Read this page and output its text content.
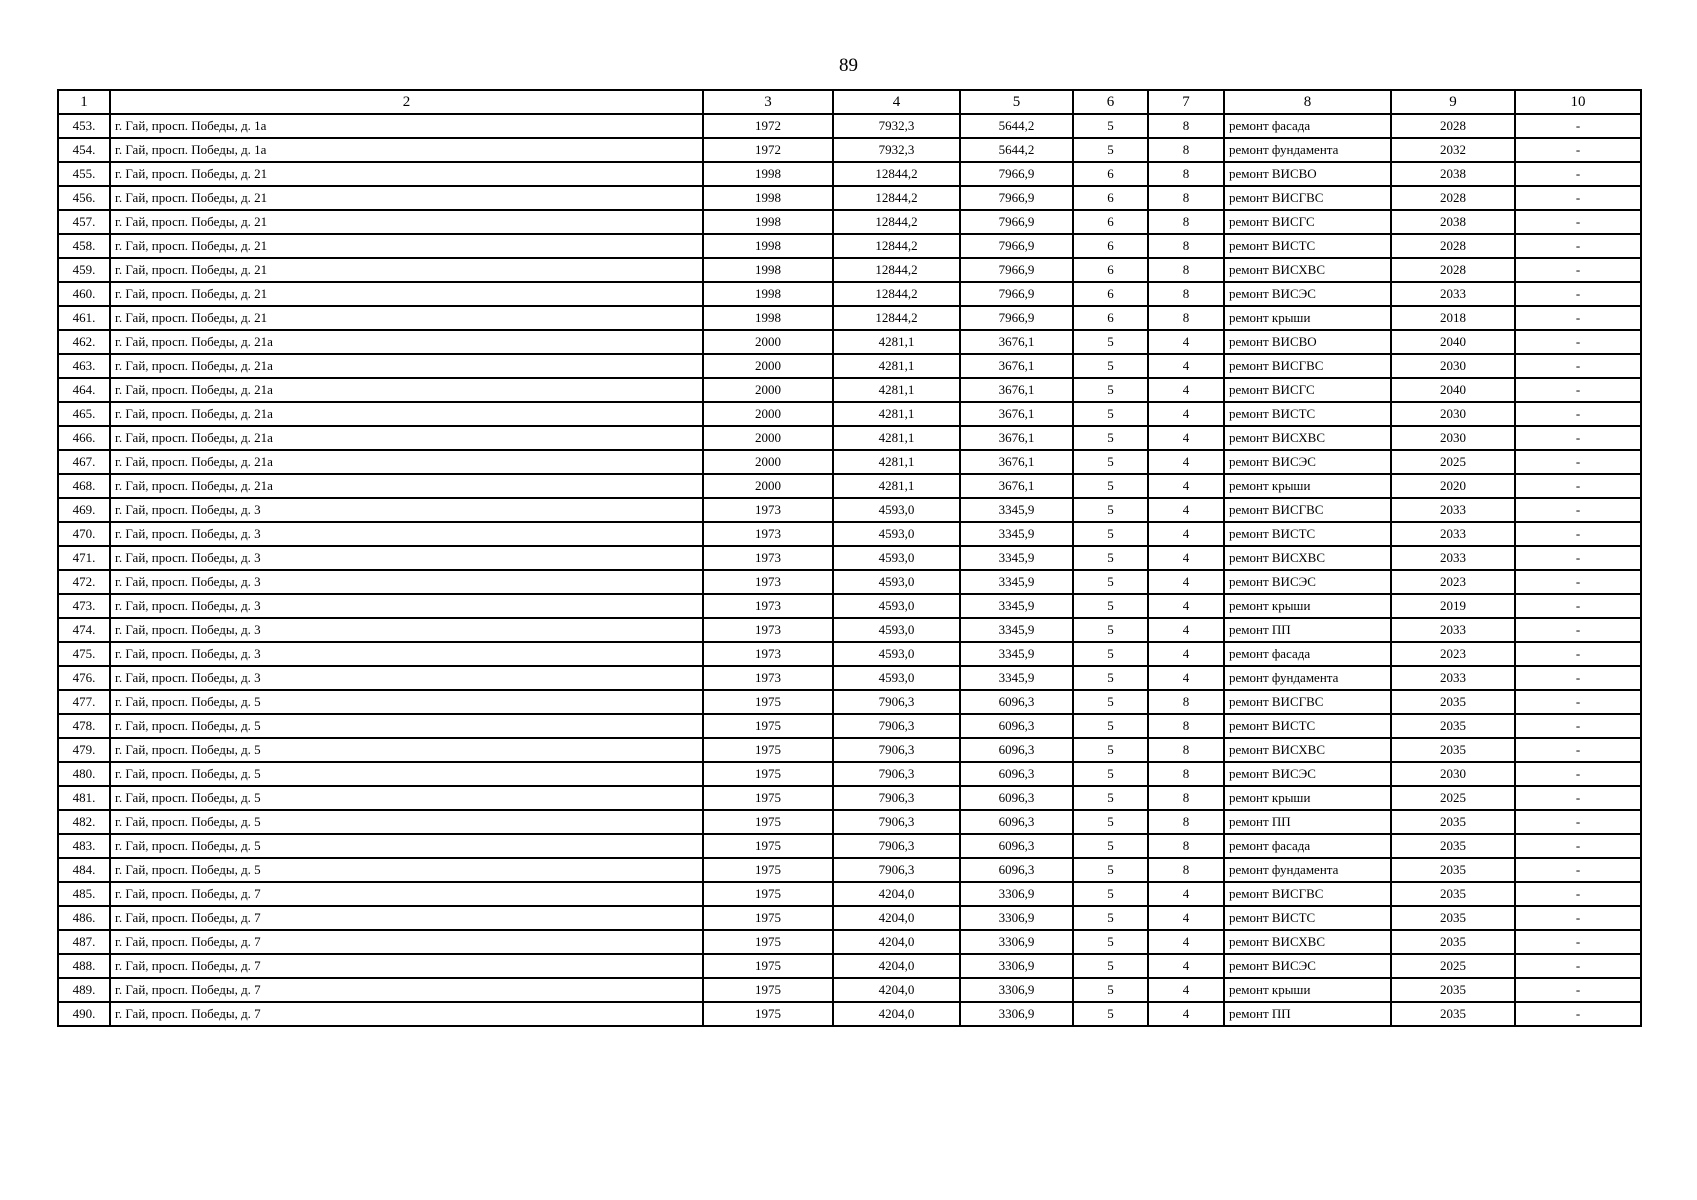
89
1	2	3	4	5	6	7	8	9	10
453.	г. Гай, просп. Победы, д. 1а	1972	7932,3	5644,2	5	8	ремонт фасада	2028	-
454.	г. Гай, просп. Победы, д. 1а	1972	7932,3	5644,2	5	8	ремонт фундамента	2032	-
455.	г. Гай, просп. Победы, д. 21	1998	12844,2	7966,9	6	8	ремонт ВИСВО	2038	-
456.	г. Гай, просп. Победы, д. 21	1998	12844,2	7966,9	6	8	ремонт ВИСГВС	2028	-
457.	г. Гай, просп. Победы, д. 21	1998	12844,2	7966,9	6	8	ремонт ВИСГС	2038	-
458.	г. Гай, просп. Победы, д. 21	1998	12844,2	7966,9	6	8	ремонт ВИСТС	2028	-
459.	г. Гай, просп. Победы, д. 21	1998	12844,2	7966,9	6	8	ремонт ВИСХВС	2028	-
460.	г. Гай, просп. Победы, д. 21	1998	12844,2	7966,9	6	8	ремонт ВИСЭС	2033	-
461.	г. Гай, просп. Победы, д. 21	1998	12844,2	7966,9	6	8	ремонт крыши	2018	-
462.	г. Гай, просп. Победы, д. 21а	2000	4281,1	3676,1	5	4	ремонт ВИСВО	2040	-
463.	г. Гай, просп. Победы, д. 21а	2000	4281,1	3676,1	5	4	ремонт ВИСГВС	2030	-
464.	г. Гай, просп. Победы, д. 21а	2000	4281,1	3676,1	5	4	ремонт ВИСГС	2040	-
465.	г. Гай, просп. Победы, д. 21а	2000	4281,1	3676,1	5	4	ремонт ВИСТС	2030	-
466.	г. Гай, просп. Победы, д. 21а	2000	4281,1	3676,1	5	4	ремонт ВИСХВС	2030	-
467.	г. Гай, просп. Победы, д. 21а	2000	4281,1	3676,1	5	4	ремонт ВИСЭС	2025	-
468.	г. Гай, просп. Победы, д. 21а	2000	4281,1	3676,1	5	4	ремонт крыши	2020	-
469.	г. Гай, просп. Победы, д. 3	1973	4593,0	3345,9	5	4	ремонт ВИСГВС	2033	-
470.	г. Гай, просп. Победы, д. 3	1973	4593,0	3345,9	5	4	ремонт ВИСТС	2033	-
471.	г. Гай, просп. Победы, д. 3	1973	4593,0	3345,9	5	4	ремонт ВИСХВС	2033	-
472.	г. Гай, просп. Победы, д. 3	1973	4593,0	3345,9	5	4	ремонт ВИСЭС	2023	-
473.	г. Гай, просп. Победы, д. 3	1973	4593,0	3345,9	5	4	ремонт крыши	2019	-
474.	г. Гай, просп. Победы, д. 3	1973	4593,0	3345,9	5	4	ремонт ПП	2033	-
475.	г. Гай, просп. Победы, д. 3	1973	4593,0	3345,9	5	4	ремонт фасада	2023	-
476.	г. Гай, просп. Победы, д. 3	1973	4593,0	3345,9	5	4	ремонт фундамента	2033	-
477.	г. Гай, просп. Победы, д. 5	1975	7906,3	6096,3	5	8	ремонт ВИСГВС	2035	-
478.	г. Гай, просп. Победы, д. 5	1975	7906,3	6096,3	5	8	ремонт ВИСТС	2035	-
479.	г. Гай, просп. Победы, д. 5	1975	7906,3	6096,3	5	8	ремонт ВИСХВС	2035	-
480.	г. Гай, просп. Победы, д. 5	1975	7906,3	6096,3	5	8	ремонт ВИСЭС	2030	-
481.	г. Гай, просп. Победы, д. 5	1975	7906,3	6096,3	5	8	ремонт крыши	2025	-
482.	г. Гай, просп. Победы, д. 5	1975	7906,3	6096,3	5	8	ремонт ПП	2035	-
483.	г. Гай, просп. Победы, д. 5	1975	7906,3	6096,3	5	8	ремонт фасада	2035	-
484.	г. Гай, просп. Победы, д. 5	1975	7906,3	6096,3	5	8	ремонт фундамента	2035	-
485.	г. Гай, просп. Победы, д. 7	1975	4204,0	3306,9	5	4	ремонт ВИСГВС	2035	-
486.	г. Гай, просп. Победы, д. 7	1975	4204,0	3306,9	5	4	ремонт ВИСТС	2035	-
487.	г. Гай, просп. Победы, д. 7	1975	4204,0	3306,9	5	4	ремонт ВИСХВС	2035	-
488.	г. Гай, просп. Победы, д. 7	1975	4204,0	3306,9	5	4	ремонт ВИСЭС	2025	-
489.	г. Гай, просп. Победы, д. 7	1975	4204,0	3306,9	5	4	ремонт крыши	2035	-
490.	г. Гай, просп. Победы, д. 7	1975	4204,0	3306,9	5	4	ремонт ПП	2035	-
